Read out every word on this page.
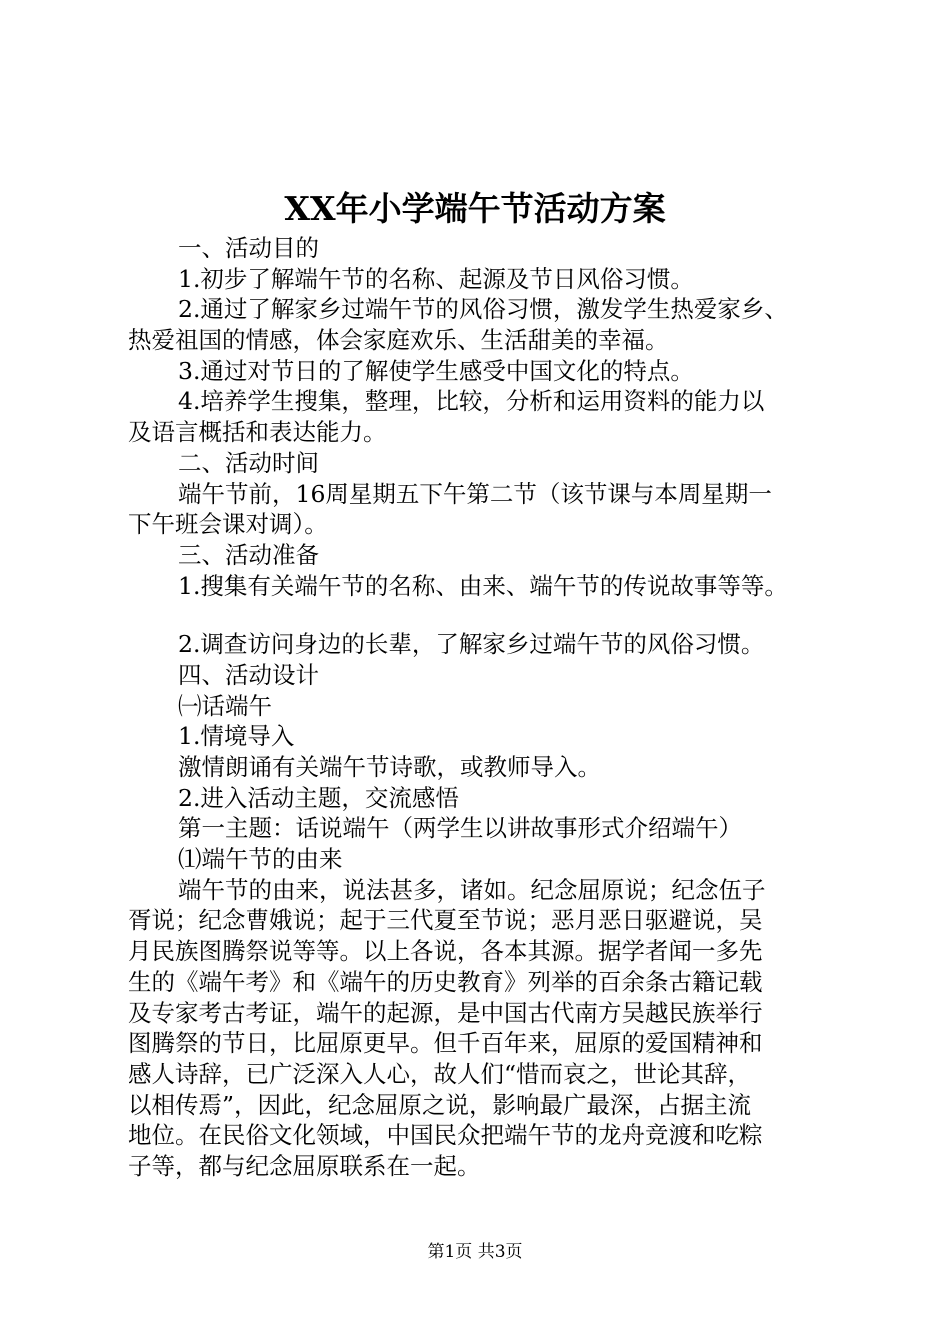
XX年小学端午节活动方案
一、活动目的
1.初步了解端午节的名称、起源及节日风俗习惯。
2.通过了解家乡过端午节的风俗习惯，激发学生热爱家乡、
热爱祖国的情感，体会家庭欢乐、生活甜美的幸福。
3.通过对节日的了解使学生感受中国文化的特点。
4.培养学生搜集，整理，比较，分析和运用资料的能力以
及语言概括和表达能力。
二、活动时间
端午节前，16周星期五下午第二节（该节课与本周星期一
下午班会课对调）。
三、活动准备
1.搜集有关端午节的名称、由来、端午节的传说故事等等。
2.调查访问身边的长辈，了解家乡过端午节的风俗习惯。
四、活动设计
㈠话端午
1.情境导入
激情朗诵有关端午节诗歌，或教师导入。
2.进入活动主题，交流感悟
第一主题：话说端午（两学生以讲故事形式介绍端午）
⑴端午节的由来
端午节的由来，说法甚多，诸如。纪念屈原说；纪念伍子
胥说；纪念曹娥说；起于三代夏至节说；恶月恶日驱避说，吴
月民族图腾祭说等等。以上各说，各本其源。据学者闻一多先
生的《端午考》和《端午的历史教育》列举的百余条古籍记载
及专家考古考证，端午的起源，是中国古代南方吴越民族举行
图腾祭的节日，比屈原更早。但千百年来，屈原的爱国精神和
感人诗辞，已广泛深入人心，故人们“惜而哀之，世论其辞，
以相传焉”，因此，纪念屈原之说，影响最广最深，占据主流
地位。在民俗文化领域，中国民众把端午节的龙舟竞渡和吃粽
子等，都与纪念屈原联系在一起。
第1页 共3页
